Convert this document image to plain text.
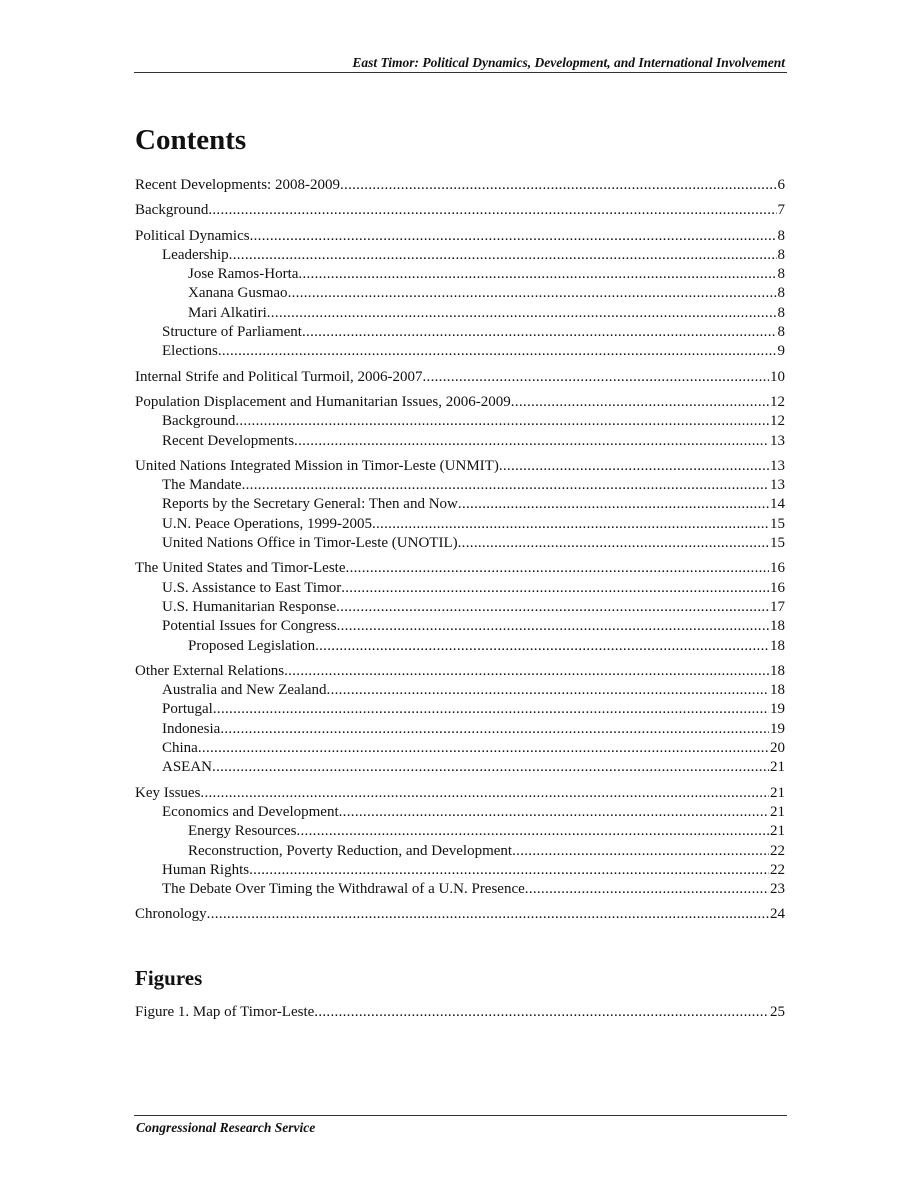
East Timor: Political Dynamics, Development, and International Involvement
Contents
Recent Developments: 2008-2009 .....	6
Background .....	7
Political Dynamics .....	8
Leadership .....	8
Jose Ramos-Horta .....	8
Xanana Gusmao .....	8
Mari Alkatiri .....	8
Structure of Parliament .....	8
Elections .....	9
Internal Strife and Political Turmoil, 2006-2007 .....	10
Population Displacement and Humanitarian Issues, 2006-2009 .....	12
Background .....	12
Recent Developments .....	13
United Nations Integrated Mission in Timor-Leste (UNMIT) .....	13
The Mandate .....	13
Reports by the Secretary General: Then and Now .....	14
U.N. Peace Operations, 1999-2005 .....	15
United Nations Office in Timor-Leste (UNOTIL) .....	15
The United States and Timor-Leste .....	16
U.S. Assistance to East Timor .....	16
U.S. Humanitarian Response .....	17
Potential Issues for Congress .....	18
Proposed Legislation .....	18
Other External Relations .....	18
Australia and New Zealand .....	18
Portugal .....	19
Indonesia .....	19
China .....	20
ASEAN .....	21
Key Issues .....	21
Economics and Development .....	21
Energy Resources .....	21
Reconstruction, Poverty Reduction, and Development .....	22
Human Rights .....	22
The Debate Over Timing the Withdrawal of a U.N. Presence .....	23
Chronology .....	24
Figures
Figure 1. Map of Timor-Leste .....	25
Congressional Research Service
